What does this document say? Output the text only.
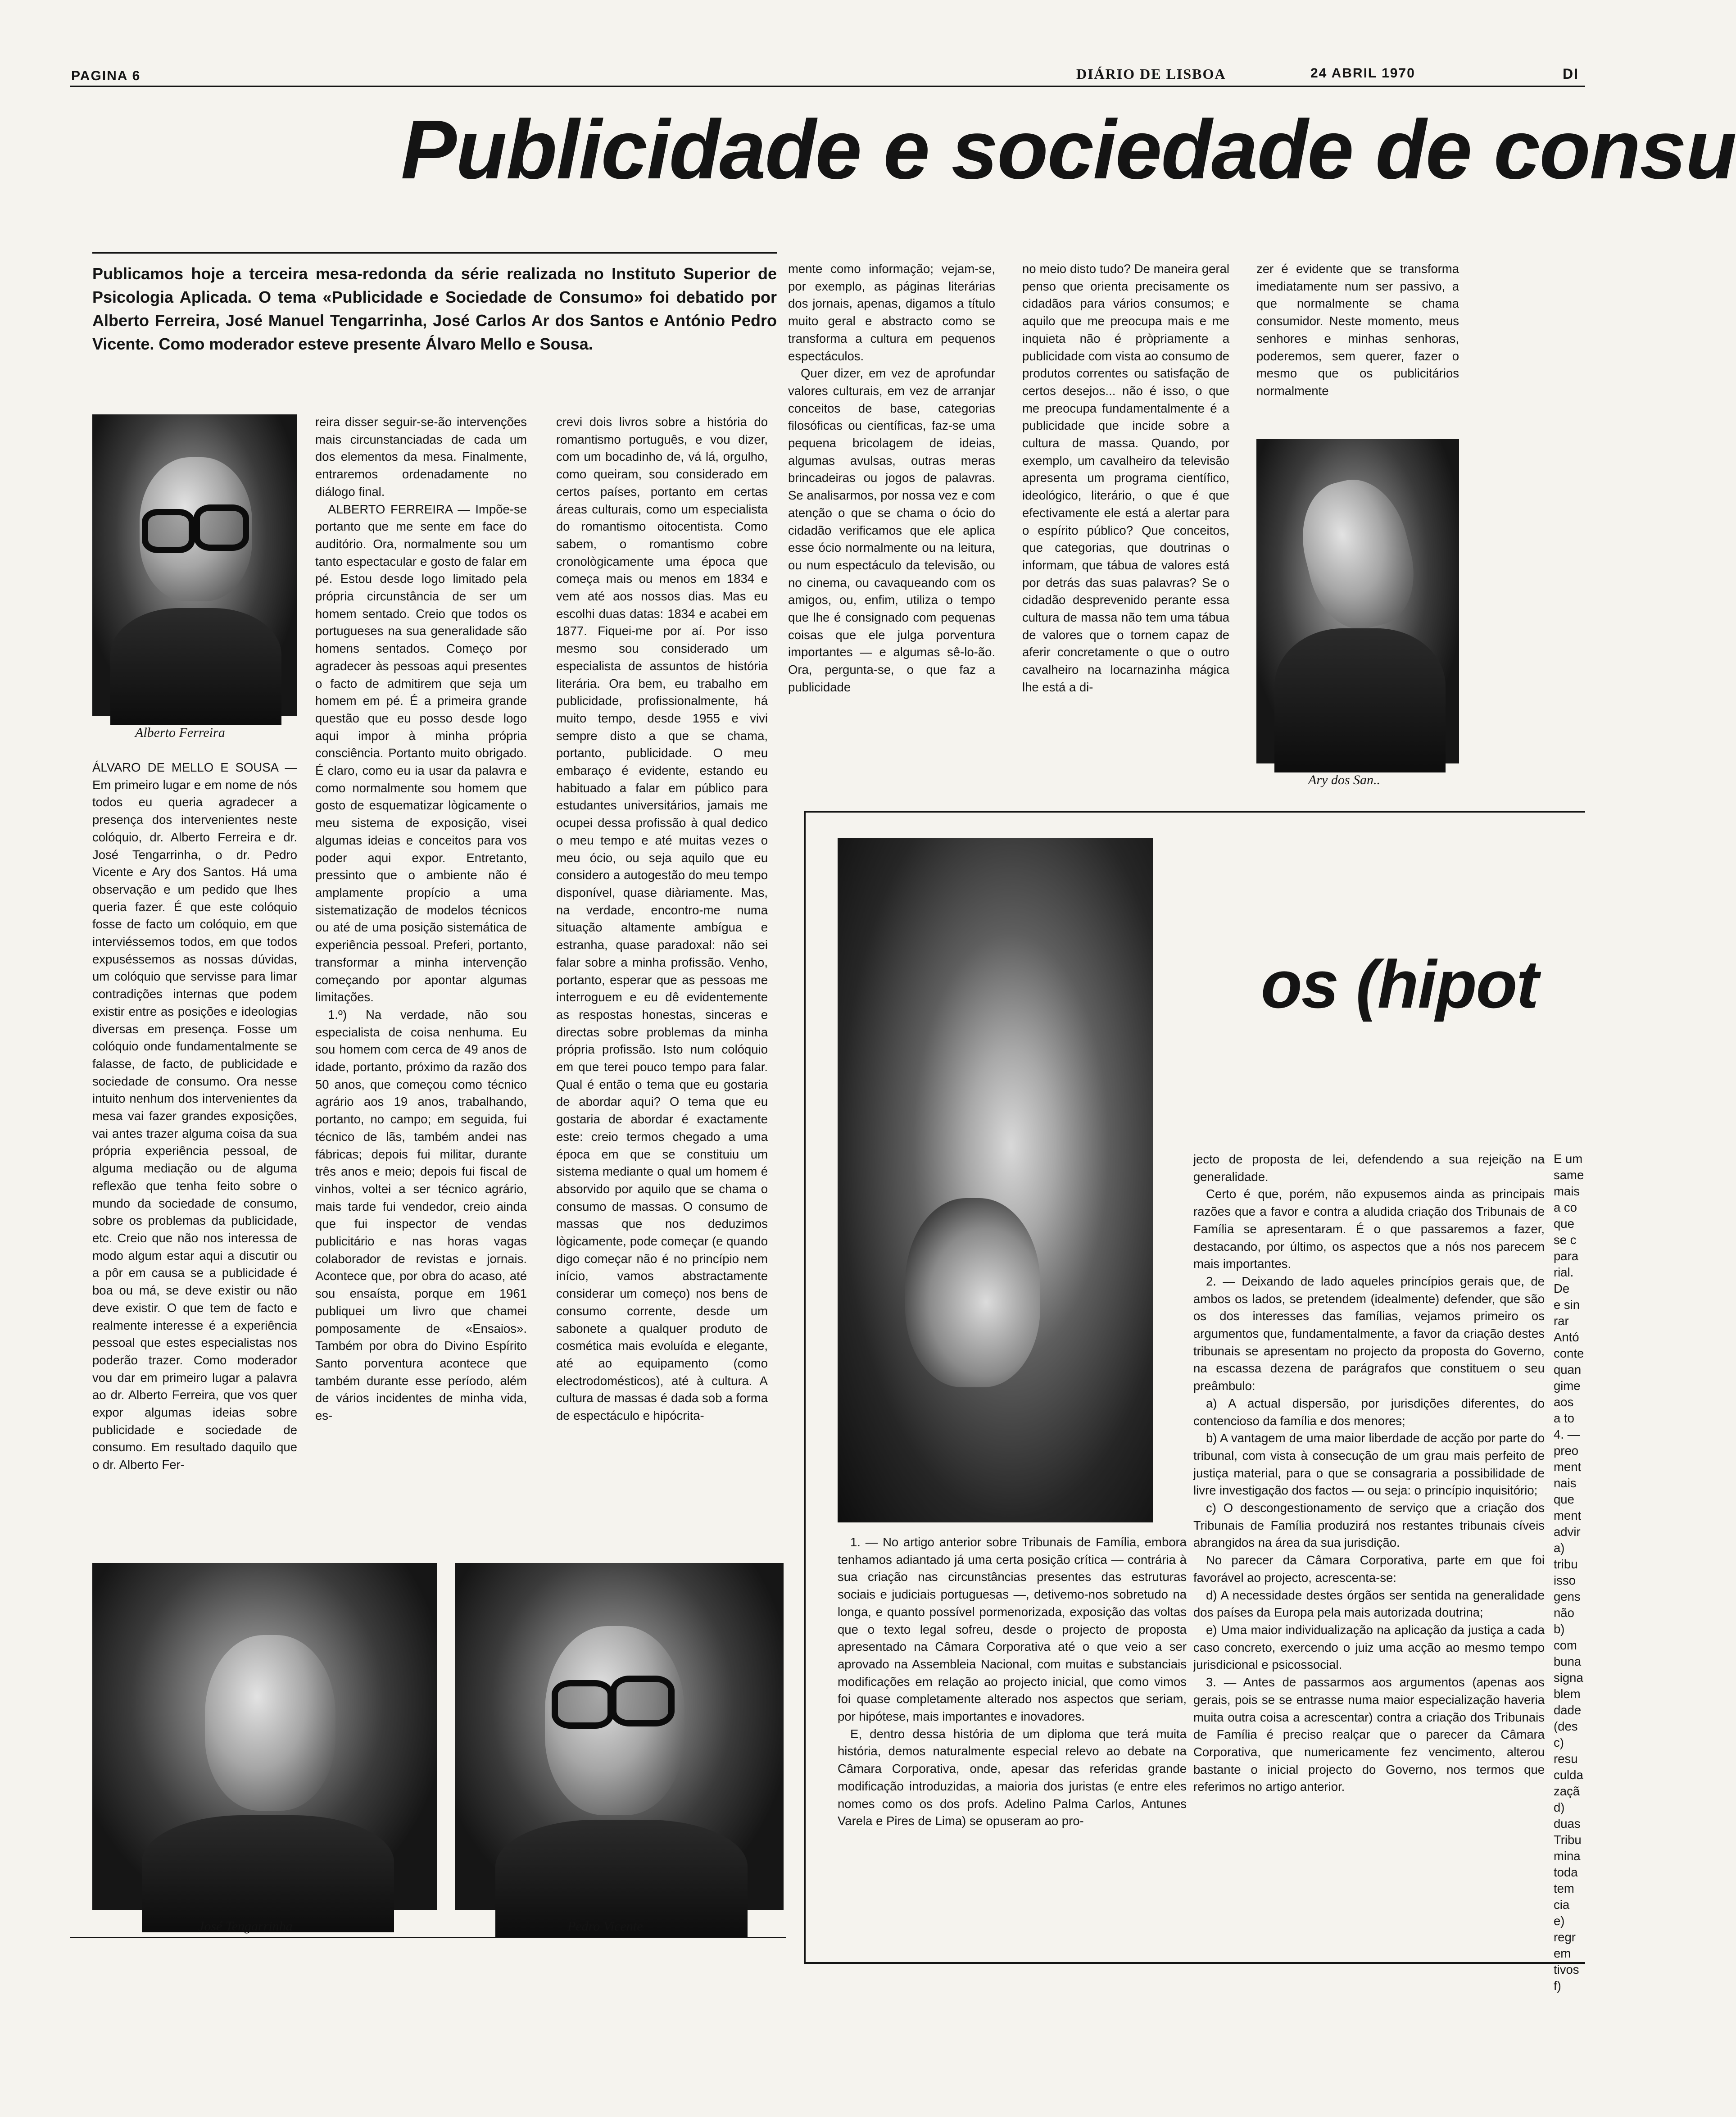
PAGINA 6	DIÁRIO DE LISBOA	24 ABRIL 1970	DI
Publicidade e sociedade de consu
Publicamos hoje a terceira mesa-redonda da série realizada no Instituto Superior de Psicologia Aplicada. O tema «Publicidade e Sociedade de Consumo» foi debatido por Alberto Ferreira, José Manuel Tengarrinha, José Carlos Ar dos Santos e António Pedro Vicente. Como moderador esteve presente Álvaro Mello e Sousa.
Alberto Ferreira

ÁLVARO DE MELLO E SOUSA — Em primeiro lugar e em nome de nós todos eu queria agradecer a presença dos intervenientes neste colóquio, dr. Alberto Ferreira e dr. José Tengarrinha, o dr. Pedro Vicente e Ary dos Santos. Há uma observação e um pedido que lhes queria fazer. É que este colóquio fosse de facto um colóquio, em que interviéssemos todos, em que todos expuséssemos as nossas dúvidas, um colóquio que servisse para limar contradições internas que podem existir entre as posições e ideologias diversas em presença. Fosse um colóquio onde fundamentalmente se falasse, de facto, de publicidade e sociedade de consumo. Ora nesse intuito nenhum dos intervenientes da mesa vai fazer grandes exposições, vai antes trazer alguma coisa da sua própria experiência pessoal, de alguma mediação ou de alguma reflexão que tenha feito sobre o mundo da sociedade de consumo, sobre os problemas da publicidade, etc. Creio que não nos interessa de modo algum estar aqui a discutir ou a pôr em causa se a publicidade é boa ou má, se deve existir ou não deve existir. O que tem de facto e realmente interesse é a experiência pessoal que estes especialistas nos poderão trazer. Como moderador vou dar em primeiro lugar a palavra ao dr. Alberto Ferreira, que vos quer expor algumas ideias sobre publicidade e sociedade de consumo. Em resultado daquilo que o dr. Alberto Fer-

reira disser seguir-se-ão intervenções mais circunstanciadas de cada um dos elementos da mesa. Finalmente, entraremos ordenadamente no diálogo final.

ALBERTO FERREIRA — Impõe-se portanto que me sente em face do auditório. Ora, normalmente sou um tanto espectacular e gosto de falar em pé. Estou desde logo limitado pela própria circunstância de ser um homem sentado. Creio que todos os portugueses na sua generalidade são homens sentados. Começo por agradecer às pessoas aqui presentes o facto de admitirem que seja um homem em pé. É a primeira grande questão que eu posso desde logo aqui impor à minha própria consciência. Portanto muito obrigado. É claro, como eu ia usar da palavra e como normalmente sou homem que gosto de esquematizar lògicamente o meu sistema de exposição, visei algumas ideias e conceitos para vos poder aqui expor. Entretanto, pressinto que o ambiente não é amplamente propício a uma sistematização de modelos técnicos ou até de uma posição sistemática de experiência pessoal. Preferi, portanto, transformar a minha intervenção começando por apontar algumas limitações.

1.º) Na verdade, não sou especialista de coisa nenhuma. Eu sou homem com cerca de 49 anos de idade, portanto, próximo da razão dos 50 anos, que começou como técnico agrário aos 19 anos, trabalhando, portanto, no campo; em seguida, fui técnico de lãs, também andei nas fábricas; depois fui militar, durante três anos e meio; depois fui fiscal de vinhos, voltei a ser técnico agrário, mais tarde fui vendedor, creio ainda que fui inspector de vendas publicitário e nas horas vagas colaborador de revistas e jornais. Acontece que, por obra do acaso, até sou ensaísta, porque em 1961 publiquei um livro que chamei pomposamente de «Ensaios». Também por obra do Divino Espírito Santo porventura acontece que também durante esse período, além de vários incidentes de minha vida, es-

crevi dois livros sobre a história do romantismo português, e vou dizer, com um bocadinho de, vá lá, orgulho, como queiram, sou considerado em certos países, portanto em certas áreas culturais, como um especialista do romantismo oitocentista. Como sabem, o romantismo cobre cronològicamente uma época que começa mais ou menos em 1834 e vem até aos nossos dias. Mas eu escolhi duas datas: 1834 e acabei em 1877. Fiquei-me por aí. Por isso mesmo sou considerado um especialista de assuntos de história literária. Ora bem, eu trabalho em publicidade, profissionalmente, há muito tempo, desde 1955 e vivi sempre disto a que se chama, portanto, publicidade. O meu embaraço é evidente, estando eu habituado a falar em público para estudantes universitários, jamais me ocupei dessa profissão à qual dedico o meu tempo e até muitas vezes o meu ócio, ou seja aquilo que eu considero a autogestão do meu tempo disponível, quase diàriamente. Mas, na verdade, encontro-me numa situação altamente ambígua e estranha, quase paradoxal: não sei falar sobre a minha profissão. Venho, portanto, esperar que as pessoas me interroguem e eu dê evidentemente as respostas honestas, sinceras e directas sobre problemas da minha própria profissão. Isto num colóquio em que terei pouco tempo para falar. Qual é então o tema que eu gostaria de abordar aqui? O tema que eu gostaria de abordar é exactamente este: creio termos chegado a uma época em que se constituiu um sistema mediante o qual um homem é absorvido por aquilo que se chama o consumo de massas. O consumo de massas que nos deduzimos lògicamente, pode começar (e quando digo começar não é no princípio nem início, vamos abstractamente considerar um começo) nos bens de consumo corrente, desde um sabonete a qualquer produto de cosmética mais evoluída e elegante, até ao equipamento (como electrodomésticos), até à cultura. A cultura de massas é dada sob a forma de espectáculo e hipócrita-

mente como informação; vejam-se, por exemplo, as páginas literárias dos jornais, apenas, digamos a título muito geral e abstracto como se transforma a cultura em pequenos espectáculos.

Quer dizer, em vez de aprofundar valores culturais, em vez de arranjar conceitos de base, categorias filosóficas ou científicas, faz-se uma pequena bricolagem de ideias, algumas avulsas, outras meras brincadeiras ou jogos de palavras. Se analisarmos, por nossa vez e com atenção o que se chama o ócio do cidadão verificamos que ele aplica esse ócio normalmente ou na leitura, ou num espectáculo da televisão, ou no cinema, ou cavaqueando com os amigos, ou, enfim, utiliza o tempo que lhe é consignado com pequenas coisas que ele julga porventura importantes — e algumas sê-lo-ão. Ora, pergunta-se, o que faz a publicidade

no meio disto tudo? De maneira geral penso que orienta precisamente os cidadãos para vários consumos; e aquilo que me preocupa mais e me inquieta não é pròpriamente a publicidade com vista ao consumo de produtos correntes ou satisfação de certos desejos... não é isso, o que me preocupa fundamentalmente é a publicidade que incide sobre a cultura de massa. Quando, por exemplo, um cavalheiro da televisão apresenta um programa científico, ideológico, literário, o que é que efectivamente ele está a alertar para o espírito público? Que conceitos, que categorias, que doutrinas o informam, que tábua de valores está por detrás das suas palavras? Se o cidadão desprevenido perante essa cultura de massa não tem uma tábua de valores que o tornem capaz de aferir concretamente o que o outro cavalheiro na locarnazinha mágica lhe está a di-

zer é evidente que se transforma imediatamente num ser passivo, a que normalmente se chama consumidor. Neste momento, meus senhores e minhas senhoras, poderemos, sem querer, fazer o mesmo que os publicitários normalmente

Ary dos San..
José Tengarrinha	Pedro Vicente
os (hipot

1. — No artigo anterior sobre Tribunais de Família, embora tenhamos adiantado já uma certa posição crítica — contrária à sua criação nas circunstâncias presentes das estruturas sociais e judiciais portuguesas —, detivemo-nos sobretudo na longa, e quanto possível pormenorizada, exposição das voltas que o texto legal sofreu, desde o projecto de proposta apresentado na Câmara Corporativa até o que veio a ser aprovado na Assembleia Nacional, com muitas e substanciais modificações em relação ao projecto inicial, que como vimos foi quase completamente alterado nos aspectos que seriam, por hipótese, mais importantes e inovadores.

E, dentro dessa história de um diploma que terá muita história, demos naturalmente especial relevo ao debate na Câmara Corporativa, onde, apesar das referidas grande modificação introduzidas, a maioria dos juristas (e entre eles nomes como os dos profs. Adelino Palma Carlos, Antunes Varela e Pires de Lima) se opuseram ao pro-

jecto de proposta de lei, defendendo a sua rejeição na generalidade.

Certo é que, porém, não expusemos ainda as principais razões que a favor e contra a aludida criação dos Tribunais de Família se apresentaram. É o que passaremos a fazer, destacando, por último, os aspectos que a nós nos parecem mais importantes.

2. — Deixando de lado aqueles princípios gerais que, de ambos os lados, se pretendem (idealmente) defender, que são os dos interesses das famílias, vejamos primeiro os argumentos que, fundamentalmente, a favor da criação destes tribunais se apresentam no projecto da proposta do Governo, na escassa dezena de parágrafos que constituem o seu preâmbulo:

a) A actual dispersão, por jurisdições diferentes, do contencioso da família e dos menores;

b) A vantagem de uma maior liberdade de acção por parte do tribunal, com vista à consecução de um grau mais perfeito de justiça material, para o que se consagraria a possibilidade de livre investigação dos factos — ou seja: o princípio inquisitório;

c) O descongestionamento de serviço que a criação dos Tribunais de Família produzirá nos restantes tribunais cíveis abrangidos na área da sua jurisdição.

No parecer da Câmara Corporativa, parte em que foi favorável ao projecto, acrescenta-se:

d) A necessidade destes órgãos ser sentida na generalidade dos países da Europa pela mais autorizada doutrina;

e) Uma maior individualização na aplicação da justiça a cada caso concreto, exercendo o juiz uma acção ao mesmo tempo jurisdicional e psicossocial.

3. — Antes de passarmos aos argumentos (apenas aos gerais, pois se se entrasse numa maior especialização haveria muita outra coisa a acrescentar) contra a criação dos Tribunais de Família é preciso realçar que o parecer da Câmara Corporativa, que numericamente fez vencimento, alterou bastante o inicial projecto do Governo, nos termos que referimos no artigo anterior.

E um
same
mais
a co
que
se c
para
rial.
De
e sin
rar
Antó
conte
quan
gime
aos
a to
4. —
preo
ment
nais
que
ment
advir
a)
tribu
isso
gens
não
b)
com
buna
signa
blem
dade
(des
c)
resu
culda
zaçã
d)
duas
Tribu
mina
toda
tem
cia
e)
regr
em
tivos
f)
